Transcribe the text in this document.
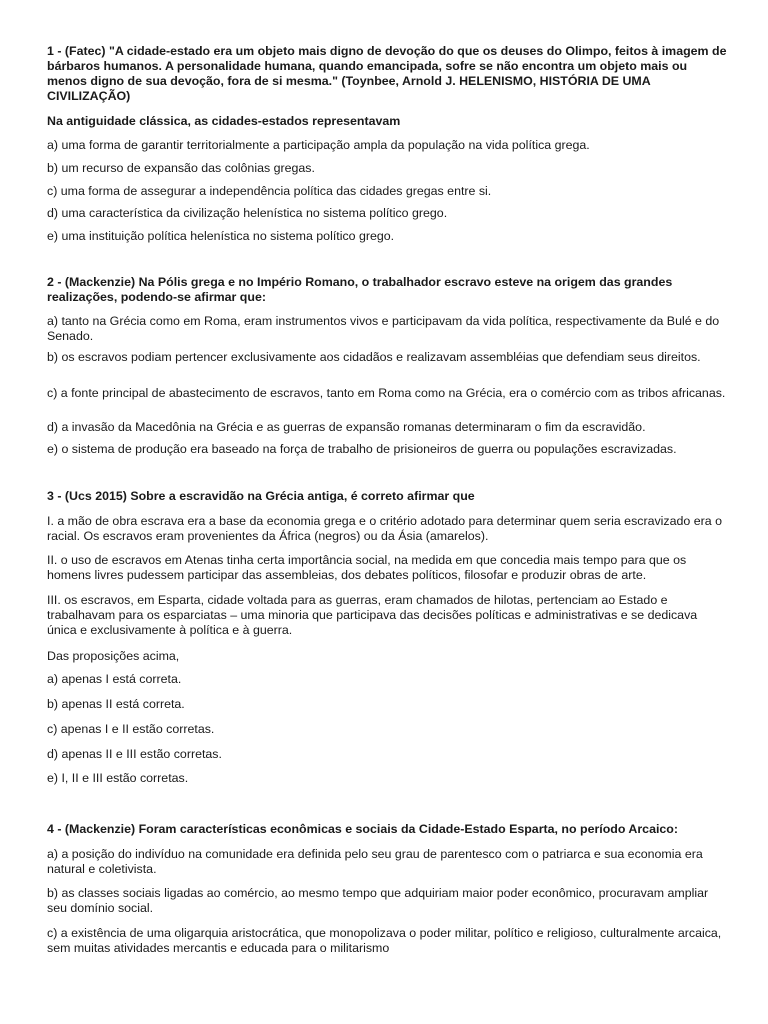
1 - (Fatec) "A cidade-estado era um objeto mais digno de devoção do que os deuses do Olimpo, feitos à imagem de bárbaros humanos. A personalidade humana, quando emancipada, sofre se não encontra um objeto mais ou menos digno de sua devoção, fora de si mesma." (Toynbee, Arnold J. HELENISMO, HISTÓRIA DE UMA CIVILIZAÇÃO)

Na antiguidade clássica, as cidades-estados representavam

a) uma forma de garantir territorialmente a participação ampla da população na vida política grega.

b) um recurso de expansão das colônias gregas.

c) uma forma de assegurar a independência política das cidades gregas entre si.

d) uma característica da civilização helenística no sistema político grego.

e) uma instituição política helenística no sistema político grego.

2 - (Mackenzie) Na Pólis grega e no Império Romano, o trabalhador escravo esteve na origem das grandes realizações, podendo-se afirmar que:

a) tanto na Grécia como em Roma, eram instrumentos vivos e participavam da vida política, respectivamente da Bulé e do Senado.

b) os escravos podiam pertencer exclusivamente aos cidadãos e realizavam assembléias que defendiam seus direitos.

c) a fonte principal de abastecimento de escravos, tanto em Roma como na Grécia, era o comércio com as tribos africanas.

d) a invasão da Macedônia na Grécia e as guerras de expansão romanas determinaram o fim da escravidão.

e) o sistema de produção era baseado na força de trabalho de prisioneiros de guerra ou populações escravizadas.

3 - (Ucs 2015) Sobre a escravidão na Grécia antiga, é correto afirmar que

I. a mão de obra escrava era a base da economia grega e o critério adotado para determinar quem seria escravizado era o racial. Os escravos eram provenientes da África (negros) ou da Ásia (amarelos).

II. o uso de escravos em Atenas tinha certa importância social, na medida em que concedia mais tempo para que os homens livres pudessem participar das assembleias, dos debates políticos, filosofar e produzir obras de arte.

III. os escravos, em Esparta, cidade voltada para as guerras, eram chamados de hilotas, pertenciam ao Estado e trabalhavam para os esparciatas – uma minoria que participava das decisões políticas e administrativas e se dedicava única e exclusivamente à política e à guerra.

Das proposições acima,

a) apenas I está correta.

b) apenas II está correta.

c) apenas I e II estão corretas.

d) apenas II e III estão corretas.

e) I, II e III estão corretas.

4 - (Mackenzie) Foram características econômicas e sociais da Cidade-Estado Esparta, no período Arcaico:

a) a posição do indivíduo na comunidade era definida pelo seu grau de parentesco com o patriarca e sua economia era natural e coletivista.

b) as classes sociais ligadas ao comércio, ao mesmo tempo que adquiriam maior poder econômico, procuravam ampliar seu domínio social.

c) a existência de uma oligarquia aristocrática, que monopolizava o poder militar, político e religioso, culturalmente arcaica, sem muitas atividades mercantis e educada para o militarismo
